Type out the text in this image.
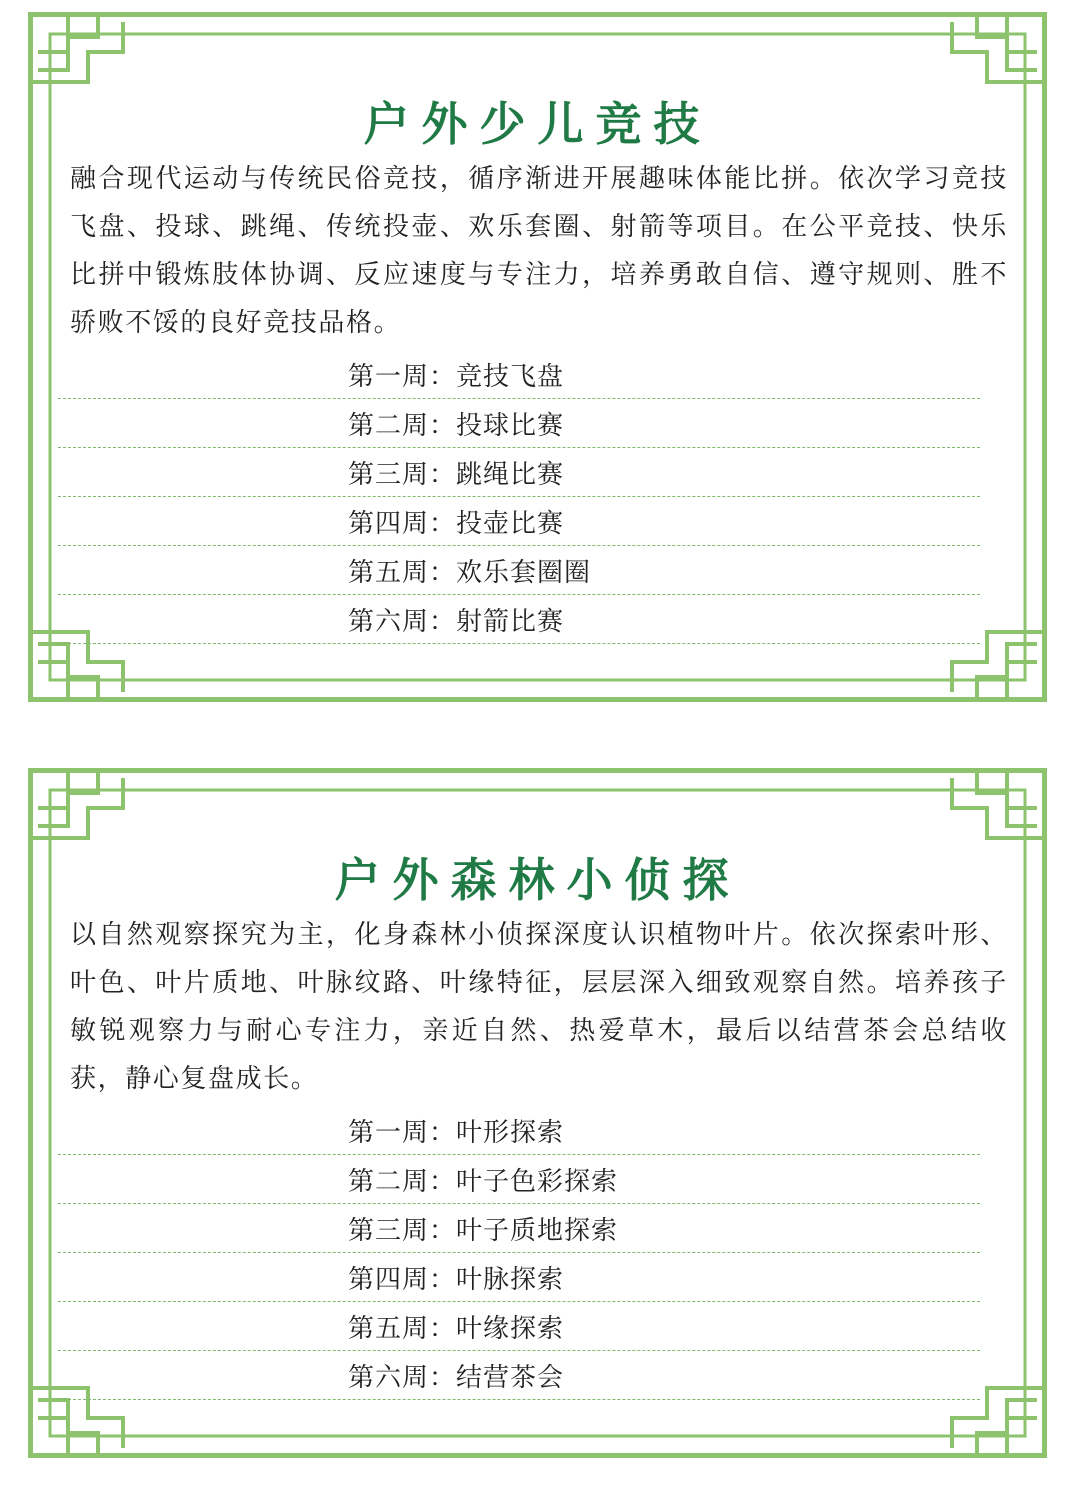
户外少儿竞技

融合现代运动与传统民俗竞技，循序渐进开展趣味体能比拼。依次学习竞技飞盘、投球、跳绳、传统投壶、欢乐套圈、射箭等项目。在公平竞技、快乐比拼中锻炼肢体协调、反应速度与专注力，培养勇敢自信、遵守规则、胜不骄败不馁的良好竞技品格。

第一周：竞技飞盘
第二周：投球比赛
第三周：跳绳比赛
第四周：投壶比赛
第五周：欢乐套圈圈
第六周：射箭比赛
户外森林小侦探

以自然观察探究为主，化身森林小侦探深度认识植物叶片。依次探索叶形、叶色、叶片质地、叶脉纹路、叶缘特征，层层深入细致观察自然。培养孩子敏锐观察力与耐心专注力，亲近自然、热爱草木，最后以结营茶会总结收获，静心复盘成长。

第一周：叶形探索
第二周：叶子色彩探索
第三周：叶子质地探索
第四周：叶脉探索
第五周：叶缘探索
第六周：结营茶会
